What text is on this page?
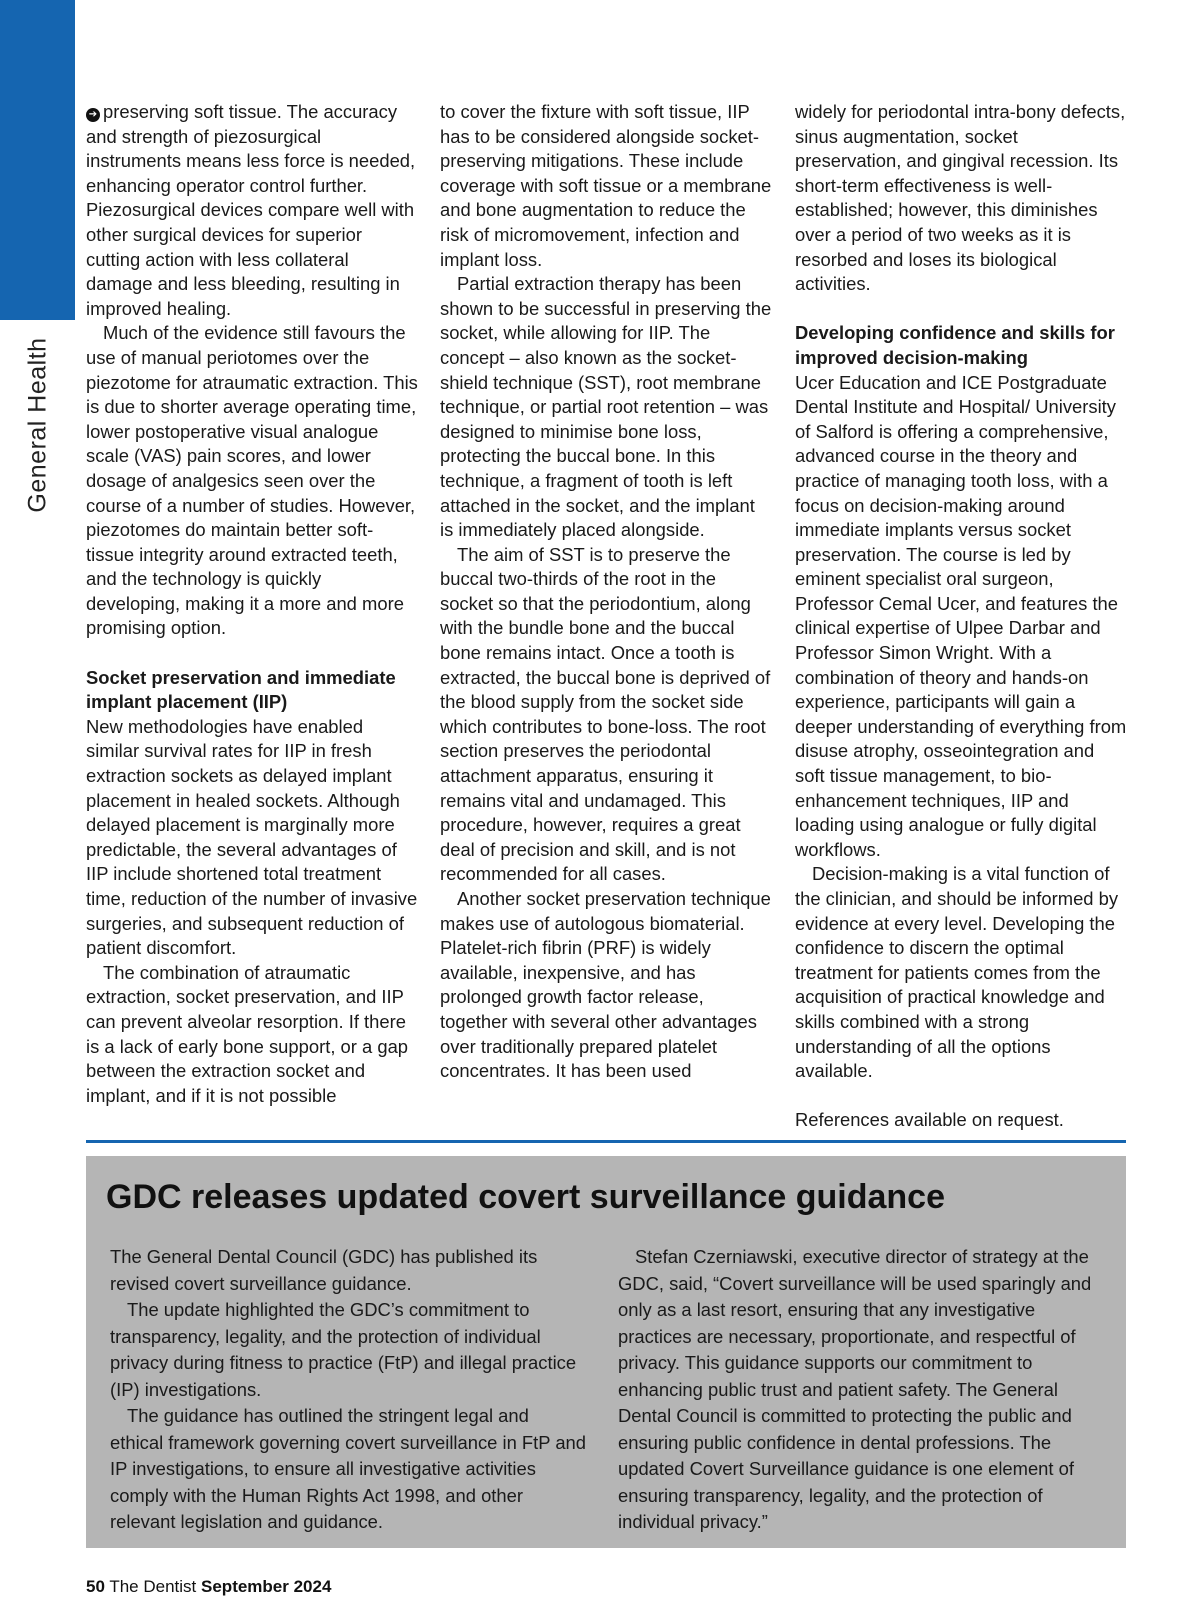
General Health

➔ preserving soft tissue. The accuracy and strength of piezosurgical instruments means less force is needed, enhancing operator control further. Piezosurgical devices compare well with other surgical devices for superior cutting action with less collateral damage and less bleeding, resulting in improved healing.

Much of the evidence still favours the use of manual periotomes over the piezotome for atraumatic extraction. This is due to shorter average operating time, lower postoperative visual analogue scale (VAS) pain scores, and lower dosage of analgesics seen over the course of a number of studies. However, piezotomes do maintain better soft-tissue integrity around extracted teeth, and the technology is quickly developing, making it a more and more promising option.

Socket preservation and immediate implant placement (IIP)

New methodologies have enabled similar survival rates for IIP in fresh extraction sockets as delayed implant placement in healed sockets. Although delayed placement is marginally more predictable, the several advantages of IIP include shortened total treatment time, reduction of the number of invasive surgeries, and subsequent reduction of patient discomfort.

The combination of atraumatic extraction, socket preservation, and IIP can prevent alveolar resorption. If there is a lack of early bone support, or a gap between the extraction socket and implant, and if it is not possible

to cover the fixture with soft tissue, IIP has to be considered alongside socket-preserving mitigations. These include coverage with soft tissue or a membrane and bone augmentation to reduce the risk of micromovement, infection and implant loss.

Partial extraction therapy has been shown to be successful in preserving the socket, while allowing for IIP. The concept – also known as the socket-shield technique (SST), root membrane technique, or partial root retention – was designed to minimise bone loss, protecting the buccal bone. In this technique, a fragment of tooth is left attached in the socket, and the implant is immediately placed alongside.

The aim of SST is to preserve the buccal two-thirds of the root in the socket so that the periodontium, along with the bundle bone and the buccal bone remains intact. Once a tooth is extracted, the buccal bone is deprived of the blood supply from the socket side which contributes to bone-loss. The root section preserves the periodontal attachment apparatus, ensuring it remains vital and undamaged. This procedure, however, requires a great deal of precision and skill, and is not recommended for all cases.

Another socket preservation technique makes use of autologous biomaterial. Platelet-rich fibrin (PRF) is widely available, inexpensive, and has prolonged growth factor release, together with several other advantages over traditionally prepared platelet concentrates. It has been used

widely for periodontal intra-bony defects, sinus augmentation, socket preservation, and gingival recession. Its short-term effectiveness is well-established; however, this diminishes over a period of two weeks as it is resorbed and loses its biological activities.

Developing confidence and skills for improved decision-making

Ucer Education and ICE Postgraduate Dental Institute and Hospital/ University of Salford is offering a comprehensive, advanced course in the theory and practice of managing tooth loss, with a focus on decision-making around immediate implants versus socket preservation. The course is led by eminent specialist oral surgeon, Professor Cemal Ucer, and features the clinical expertise of Ulpee Darbar and Professor Simon Wright. With a combination of theory and hands-on experience, participants will gain a deeper understanding of everything from disuse atrophy, osseointegration and soft tissue management, to bio-enhancement techniques, IIP and loading using analogue or fully digital workflows.

Decision-making is a vital function of the clinician, and should be informed by evidence at every level. Developing the confidence to discern the optimal treatment for patients comes from the acquisition of practical knowledge and skills combined with a strong understanding of all the options available.

References available on request.

GDC releases updated covert surveillance guidance

The General Dental Council (GDC) has published its revised covert surveillance guidance.

The update highlighted the GDC’s commitment to transparency, legality, and the protection of individual privacy during fitness to practice (FtP) and illegal practice (IP) investigations.

The guidance has outlined the stringent legal and ethical framework governing covert surveillance in FtP and IP investigations, to ensure all investigative activities comply with the Human Rights Act 1998, and other relevant legislation and guidance.

Stefan Czerniawski, executive director of strategy at the GDC, said, “Covert surveillance will be used sparingly and only as a last resort, ensuring that any investigative practices are necessary, proportionate, and respectful of privacy. This guidance supports our commitment to enhancing public trust and patient safety. The General Dental Council is committed to protecting the public and ensuring public confidence in dental professions. The updated Covert Surveillance guidance is one element of ensuring transparency, legality, and the protection of individual privacy.”

50 The Dentist September 2024
